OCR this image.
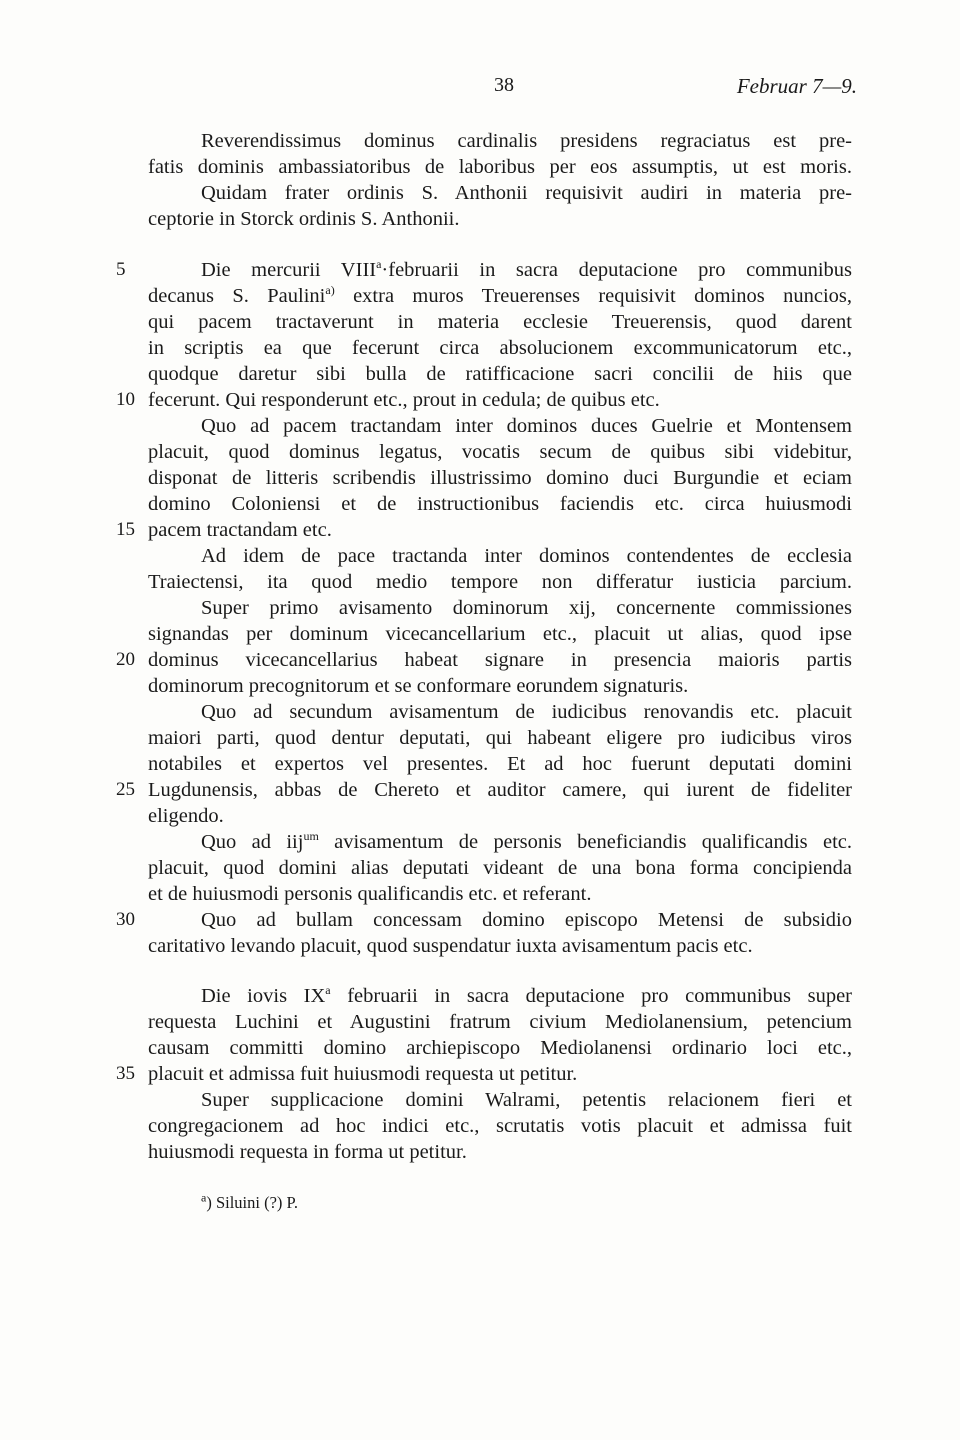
38	Februar 7—9.
Reverendissimus dominus cardinalis presidens regraciatus est pre-
fatis dominis ambassiatoribus de laboribus per eos assumptis, ut est moris.
Quidam frater ordinis S. Anthonii requisivit audiri in materia pre-
ceptorie in Storck ordinis S. Anthonii.
5	Die mercurii $VIII^a\cdot februarii$ in sacra deputacione pro communibus
decanus S. Paulini$^{a)}$ extra muros Treuerenses requisivit dominos nuncios,
qui pacem tractaverunt in materia ecclesie Treuerensis, quod darent
in scriptis ea que fecerunt circa absolucionem excommunicatorum etc.,
quodque daretur sibi bulla de ratifficacione sacri concilii de hiis que
10 fecerunt. Qui responderunt etc., prout in cedula; de quibus etc.
Quo ad pacem tractandam inter dominos duces Guelrie et Montensem
placuit, quod dominus legatus, vocatis secum de quibus sibi videbitur,
disponat de litteris scribendis illustrissimo domino duci Burgundie et eciam
domino Coloniensi et de instructionibus faciendis etc. circa huiusmodi
15 pacem tractandam etc.
Ad idem de pace tractanda inter dominos contendentes de ecclesia
Traiectensi, ita quod medio tempore non differatur iusticia parcium.
Super primo avisamento dominorum xij, concernente commissiones
signandas per dominum vicecancellarium etc., placuit ut alias, quod ipse
20 dominus vicecancellarius habeat signare in presencia maioris partis
dominorum precognitorum et se conformare eorundem signaturis.
Quo ad secundum avisamentum de iudicibus renovandis etc. placuit
maiori parti, quod dentur deputati, qui habeant eligere pro iudicibus viros
notabiles et expertos vel presentes. Et ad hoc fuerunt deputati domini
25 Lugdunensis, abbas de Chereto et auditor camere, qui iurent de fideliter
eligendo.
Quo ad iij$^{um}$ avisamentum de personis beneficiandis qualificandis etc.
placuit, quod domini alias deputati videant de una bona forma concipienda
et de huiusmodi personis qualificandis etc. et referant.
30	Quo ad bullam concessam domino episcopo Metensi de subsidio
caritativo levando placuit, quod suspendatur iuxta avisamentum pacis etc.
Die iovis $IX^a$ februarii in sacra deputacione pro communibus super
requesta Luchini et Augustini fratrum civium Mediolanensium, petencium
causam committi domino archiepiscopo Mediolanensi ordinario loci etc.,
35 placuit et admissa fuit huiusmodi requesta ut petitur.
Super supplicacione domini Walrami, petentis relacionem fieri et
congregacionem ad hoc indici etc., scrutatis votis placuit et admissa fuit
huiusmodi requesta in forma ut petitur.
$^a$) Siluini (?) P.
